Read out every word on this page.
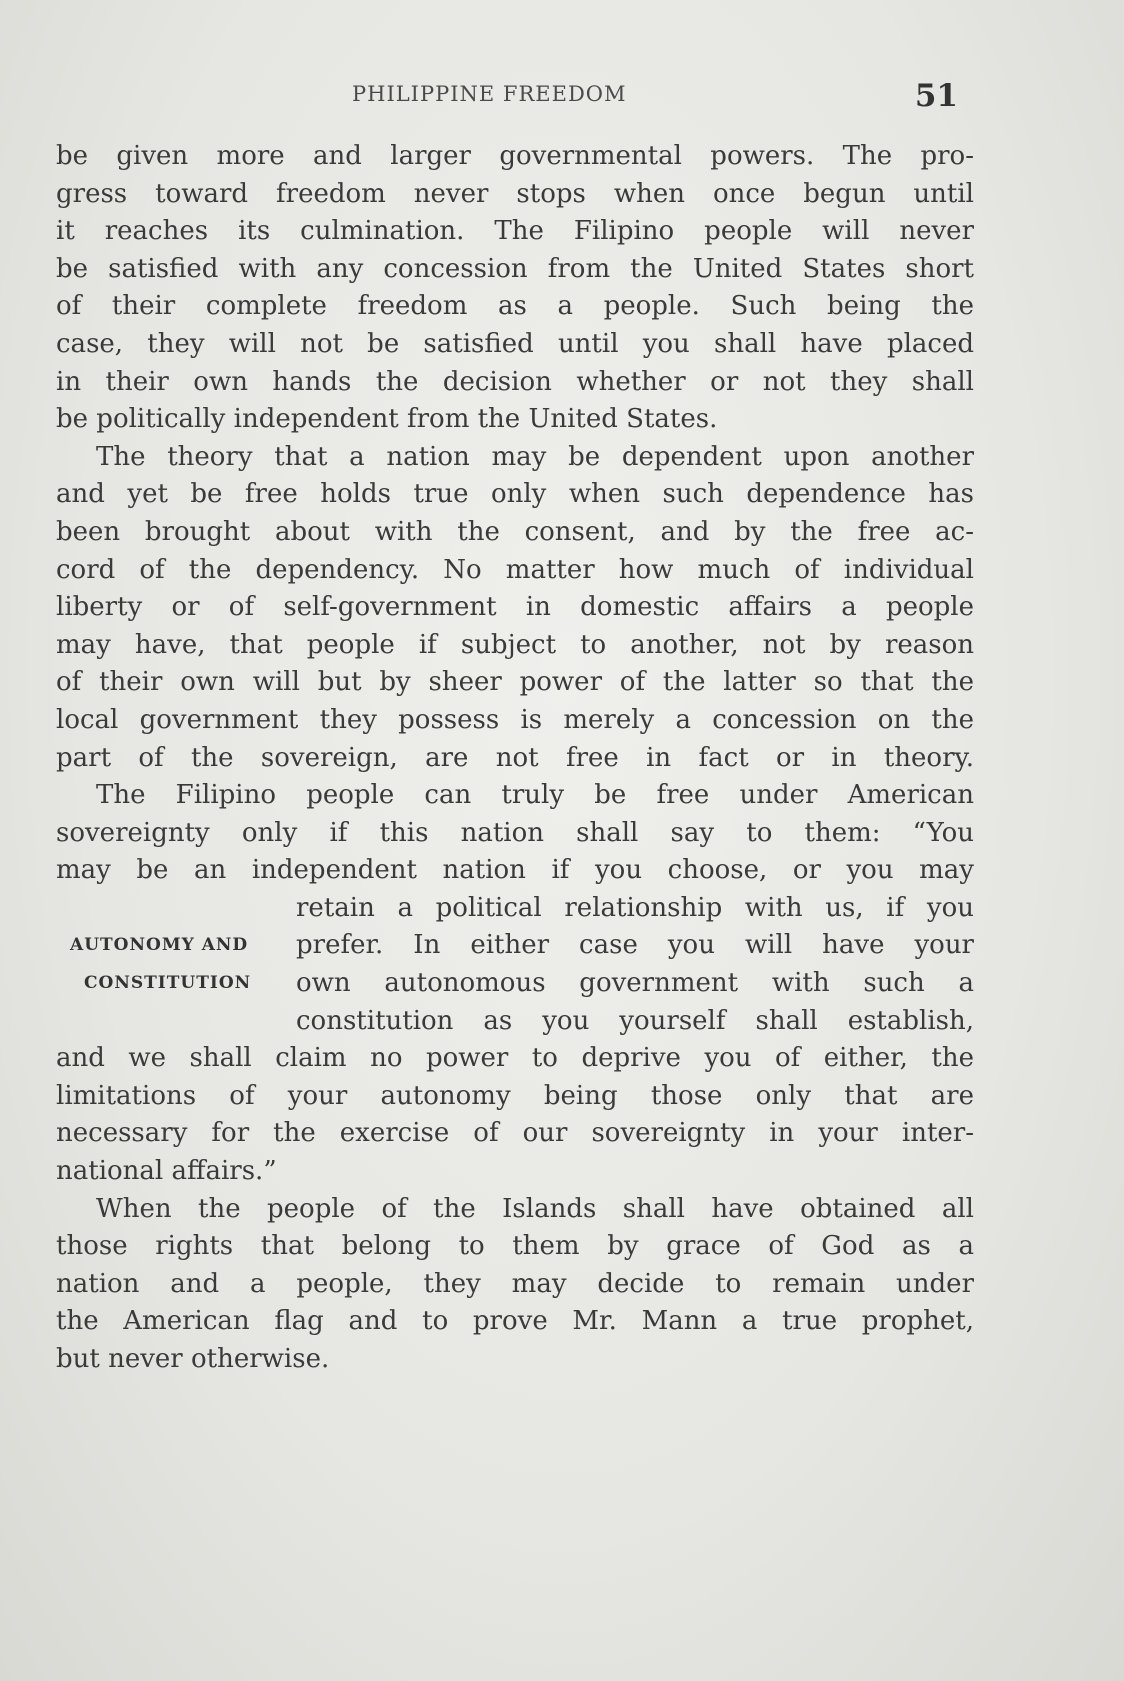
PHILIPPINE FREEDOM	51
be given more and larger governmental powers. The pro-
gress toward freedom never stops when once begun until
it reaches its culmination. The Filipino people will never
be satisfied with any concession from the United States short
of their complete freedom as a people. Such being the
case, they will not be satisfied until you shall have placed
in their own hands the decision whether or not they shall
be politically independent from the United States.
The theory that a nation may be dependent upon another
and yet be free holds true only when such dependence has
been brought about with the consent, and by the free ac-
cord of the dependency. No matter how much of individual
liberty or of self-government in domestic affairs a people
may have, that people if subject to another, not by reason
of their own will but by sheer power of the latter so that the
local government they possess is merely a concession on the
part of the sovereign, are not free in fact or in theory.
The Filipino people can truly be free under American
sovereignty only if this nation shall say to them: “You
may be an independent nation if you choose, or you may
AUTONOMY AND
CONSTITUTION
retain a political relationship with us, if you
prefer. In either case you will have your
own autonomous government with such a
constitution as you yourself shall establish,
and we shall claim no power to deprive you of either, the
limitations of your autonomy being those only that are
necessary for the exercise of our sovereignty in your inter-
national affairs.”
When the people of the Islands shall have obtained all
those rights that belong to them by grace of God as a
nation and a people, they may decide to remain under
the American flag and to prove Mr. Mann a true prophet,
but never otherwise.
